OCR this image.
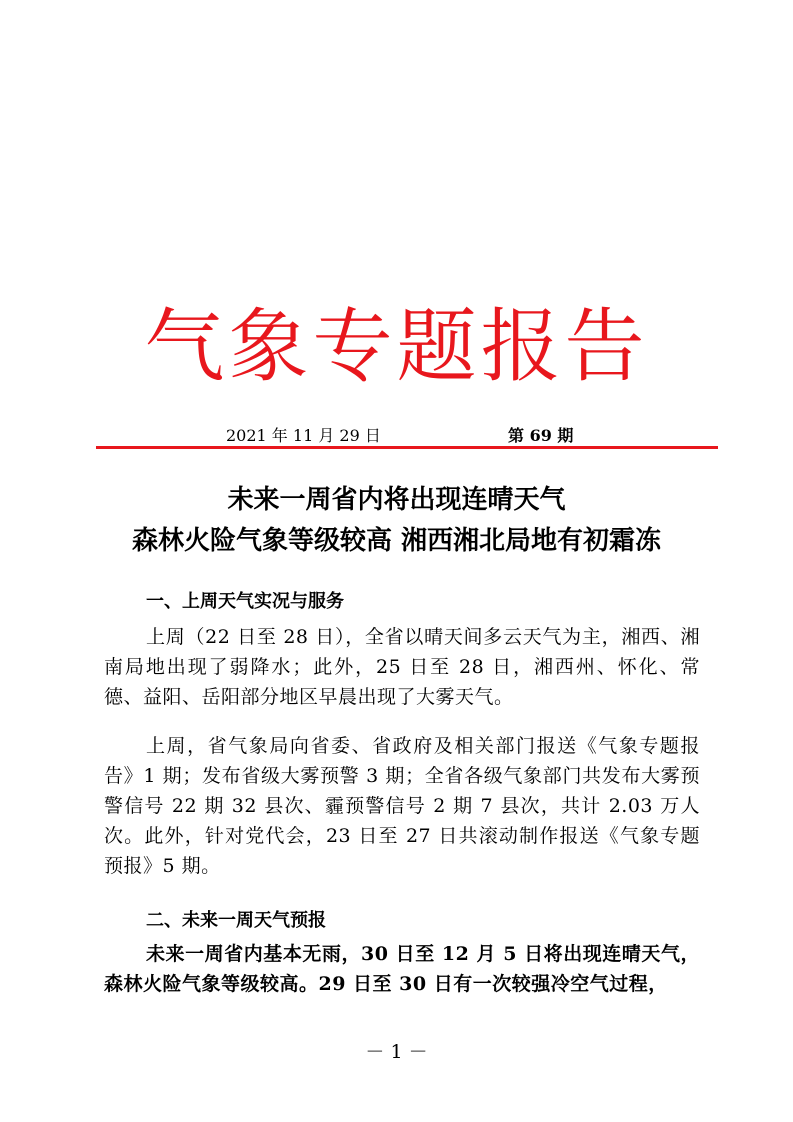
气象专题报告
2021 年 11 月 29 日	第 69 期
未来一周省内将出现连晴天气
森林火险气象等级较高 湘西湘北局地有初霜冻
一、上周天气实况与服务

上周（22 日至 28 日），全省以晴天间多云天气为主，湘西、湘南局地出现了弱降水；此外，25 日至 28 日，湘西州、怀化、常德、益阳、岳阳部分地区早晨出现了大雾天气。

上周，省气象局向省委、省政府及相关部门报送《气象专题报告》1 期；发布省级大雾预警 3 期；全省各级气象部门共发布大雾预警信号 22 期 32 县次、霾预警信号 2 期 7 县次，共计 2.03 万人次。此外，针对党代会，23 日至 27 日共滚动制作报送《气象专题预报》5 期。

二、未来一周天气预报

未来一周省内基本无雨，30 日至 12 月 5 日将出现连晴天气，森林火险气象等级较高。29 日至 30 日有一次较强冷空气过程，

－ 1 －
